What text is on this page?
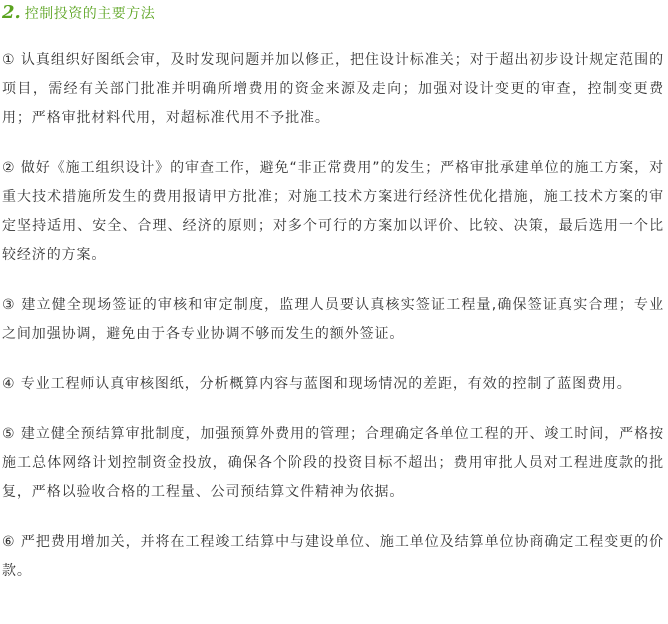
2. 控制投资的主要方法

① 认真组织好图纸会审，及时发现问题并加以修正，把住设计标准关；对于超出初步设计规定范围的项目，需经有关部门批准并明确所增费用的资金来源及走向；加强对设计变更的审查，控制变更费用；严格审批材料代用，对超标准代用不予批准。

② 做好《施工组织设计》的审查工作，避免“非正常费用”的发生；严格审批承建单位的施工方案，对重大技术措施所发生的费用报请甲方批准；对施工技术方案进行经济性优化措施，施工技术方案的审定坚持适用、安全、合理、经济的原则；对多个可行的方案加以评价、比较、决策，最后选用一个比较经济的方案。

③ 建立健全现场签证的审核和审定制度，监理人员要认真核实签证工程量,确保签证真实合理；专业之间加强协调，避免由于各专业协调不够而发生的额外签证。

④ 专业工程师认真审核图纸，分析概算内容与蓝图和现场情况的差距，有效的控制了蓝图费用。

⑤ 建立健全预结算审批制度，加强预算外费用的管理；合理确定各单位工程的开、竣工时间，严格按施工总体网络计划控制资金投放，确保各个阶段的投资目标不超出；费用审批人员对工程进度款的批复，严格以验收合格的工程量、公司预结算文件精神为依据。

⑥ 严把费用增加关，并将在工程竣工结算中与建设单位、施工单位及结算单位协商确定工程变更的价款。
